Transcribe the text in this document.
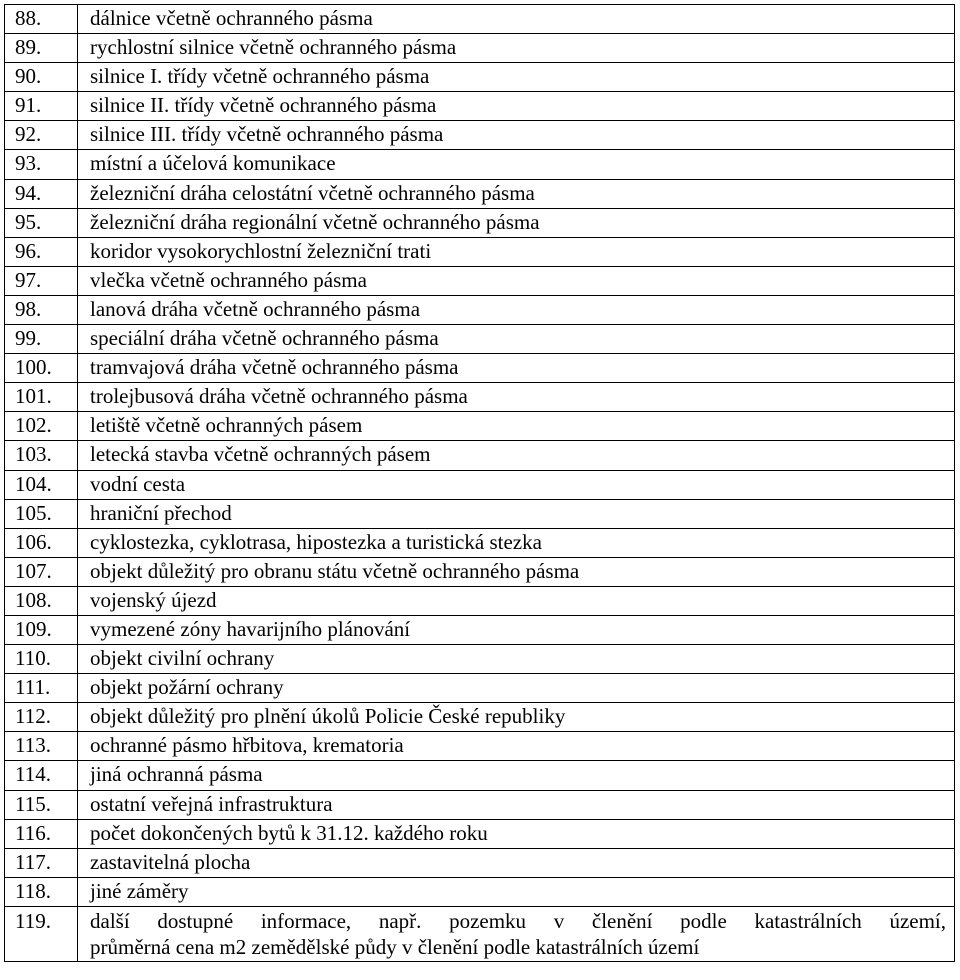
88.	dálnice včetně ochranného pásma
89.	rychlostní silnice včetně ochranného pásma
90.	silnice I. třídy včetně ochranného pásma
91.	silnice II. třídy včetně ochranného pásma
92.	silnice III. třídy včetně ochranného pásma
93.	místní a účelová komunikace
94.	železniční dráha celostátní včetně ochranného pásma
95.	železniční dráha regionální včetně ochranného pásma
96.	koridor vysokorychlostní železniční trati
97.	vlečka včetně ochranného pásma
98.	lanová dráha včetně ochranného pásma
99.	speciální dráha včetně ochranného pásma
100.	tramvajová dráha včetně ochranného pásma
101.	trolejbusová dráha včetně ochranného pásma
102.	letiště včetně ochranných pásem
103.	letecká stavba včetně ochranných pásem
104.	vodní cesta
105.	hraniční přechod
106.	cyklostezka, cyklotrasa, hipostezka a turistická stezka
107.	objekt důležitý pro obranu státu včetně ochranného pásma
108.	vojenský újezd
109.	vymezené zóny havarijního plánování
110.	objekt civilní ochrany
111.	objekt požární ochrany
112.	objekt důležitý pro plnění úkolů Policie České republiky
113.	ochranné pásmo hřbitova, krematoria
114.	jiná ochranná pásma
115.	ostatní veřejná infrastruktura
116.	počet dokončených bytů k 31.12. každého roku
117.	zastavitelná plocha
118.	jiné záměry
119.	další dostupné informace, např. pozemku v členění podle katastrálních území,
průměrná cena m2 zemědělské půdy v členění podle katastrálních území
